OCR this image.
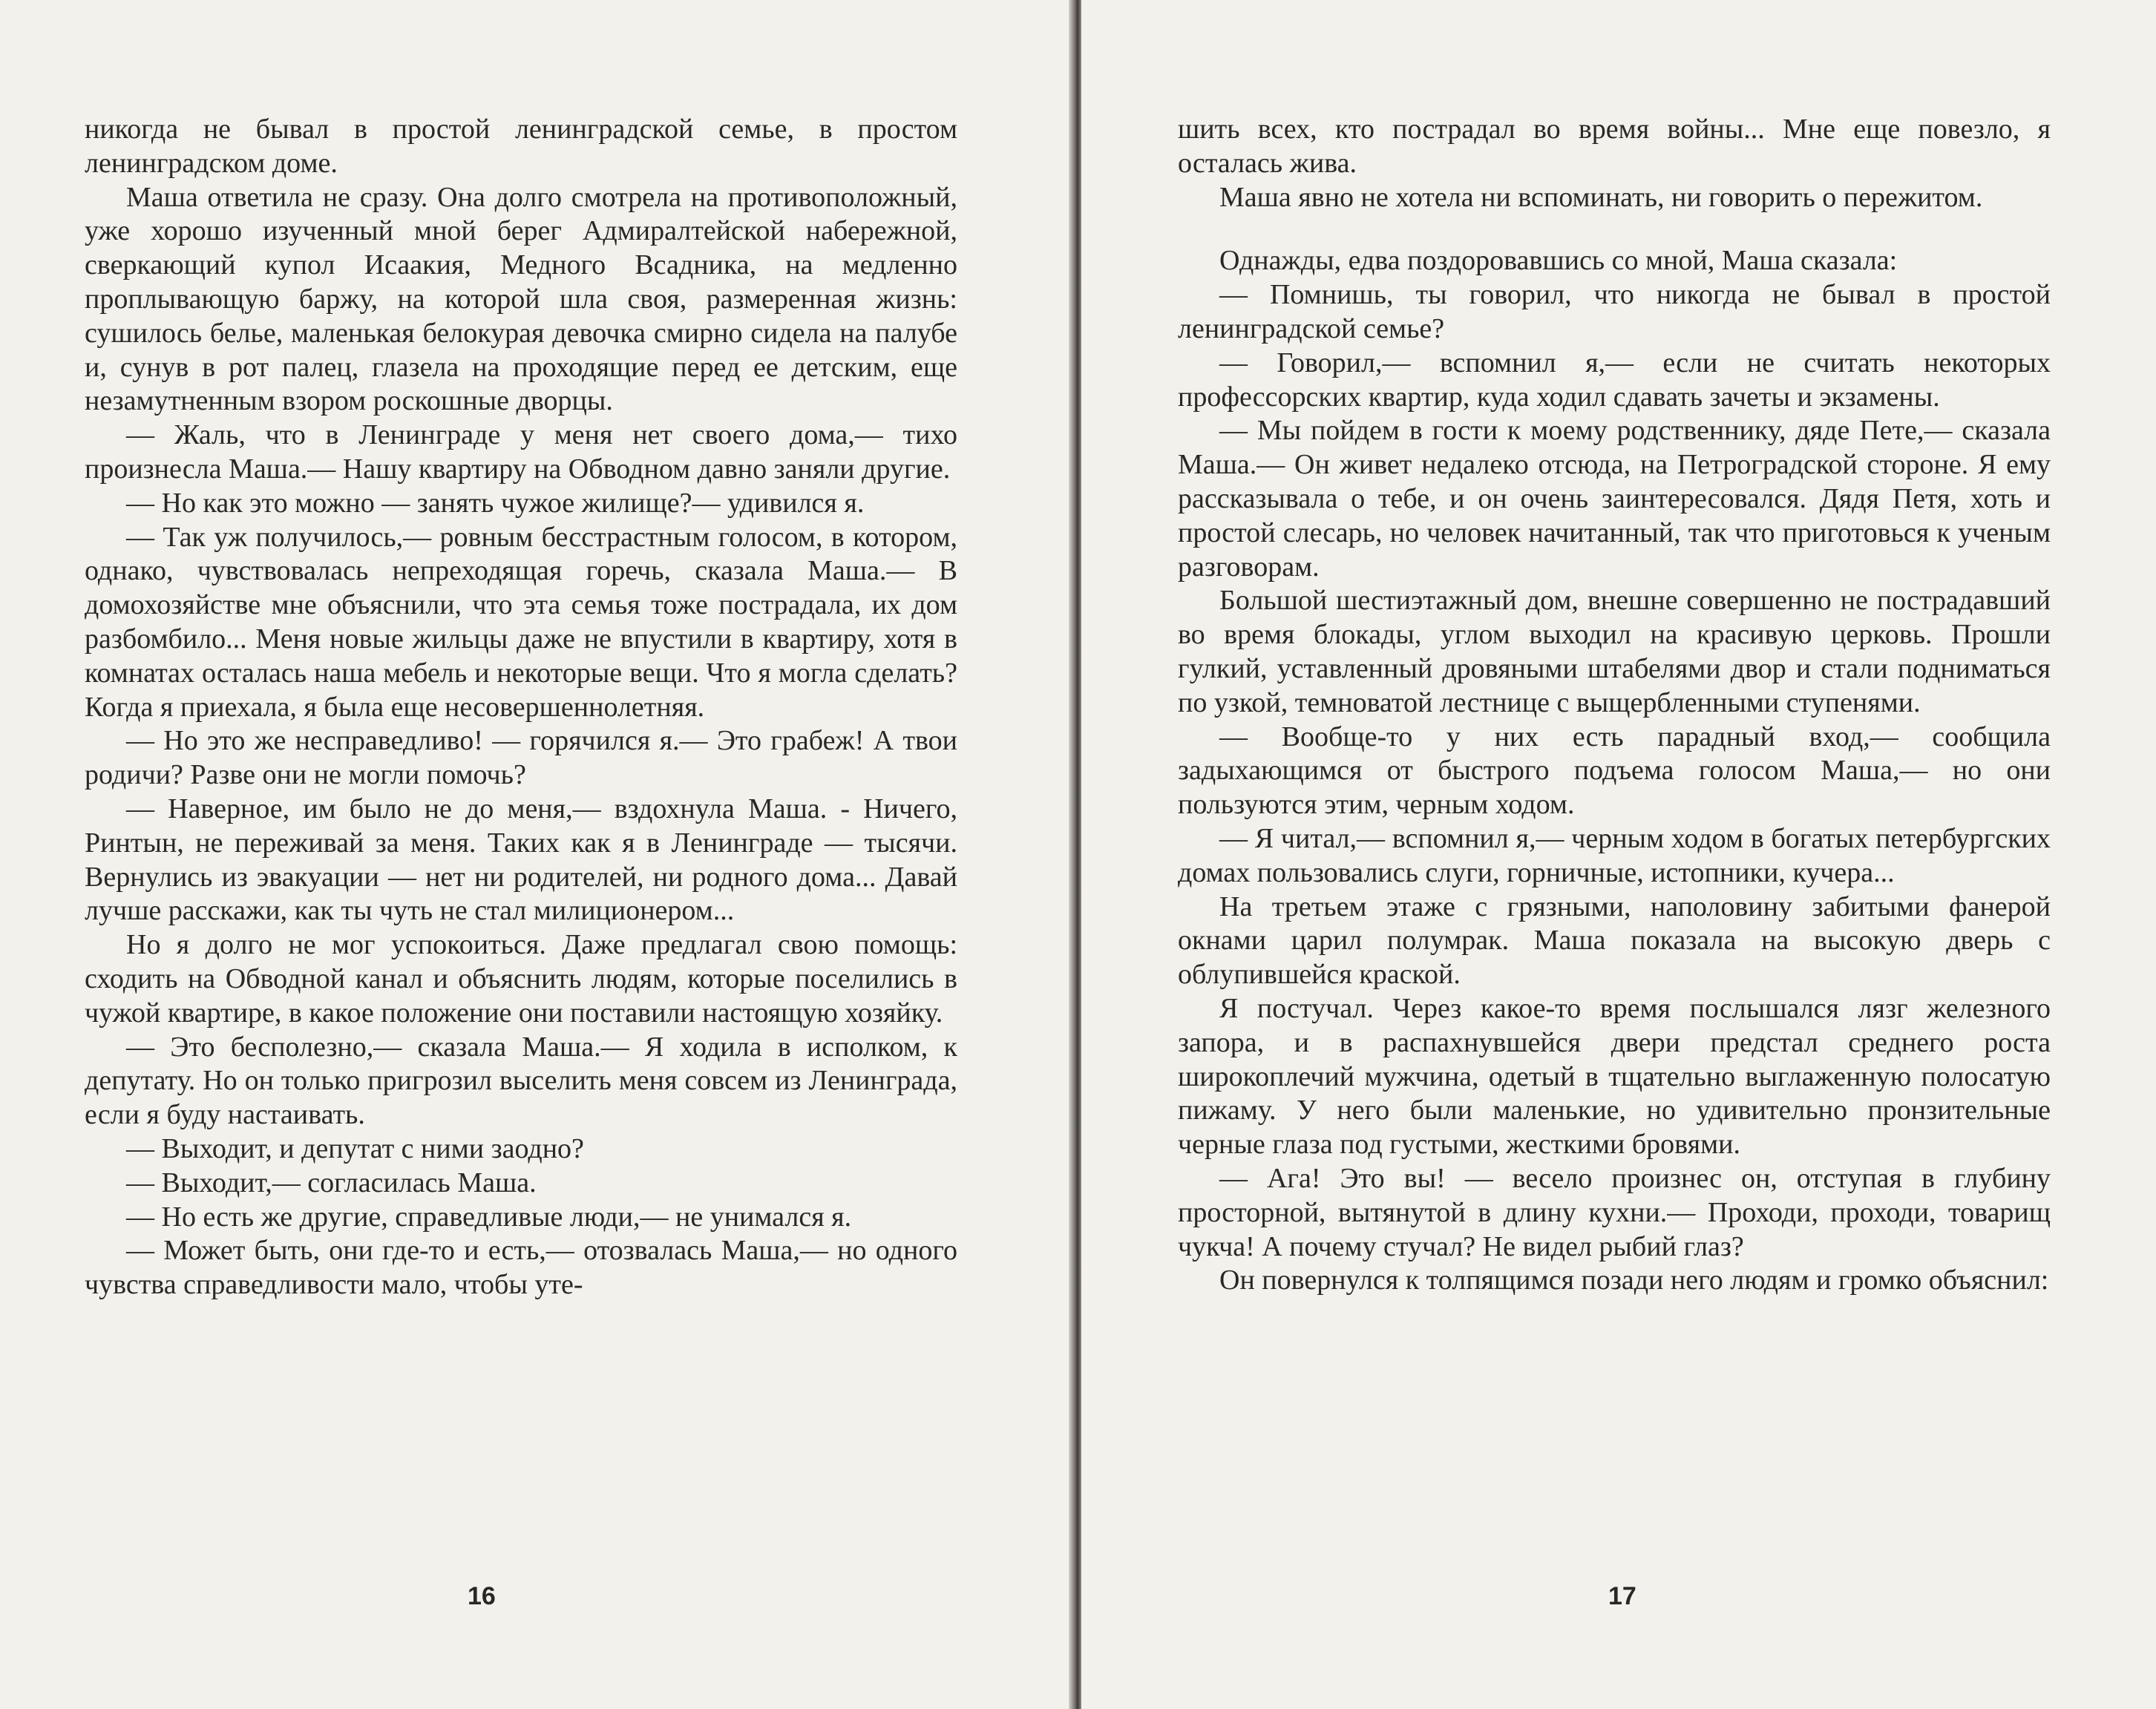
никогда не бывал в простой ленинградской семье, в простом ленинградском доме.

Маша ответила не сразу. Она долго смотрела на противоположный, уже хорошо изученный мной берег Адмиралтейской набережной, сверкающий купол Исаакия, Медного Всадника, на медленно проплывающую баржу, на которой шла своя, размеренная жизнь: сушилось белье, маленькая белокурая девочка смирно сидела на палубе и, сунув в рот палец, глазела на проходящие перед ее детским, еще незамутненным взором роскошные дворцы.

— Жаль, что в Ленинграде у меня нет своего дома,— тихо произнесла Маша.— Нашу квартиру на Обводном давно заняли другие.

— Но как это можно — занять чужое жилище?— удивился я.

— Так уж получилось,— ровным бесстрастным голосом, в котором, однако, чувствовалась непреходящая горечь, сказала Маша.— В домохозяйстве мне объяснили, что эта семья тоже пострадала, их дом разбомбило... Меня новые жильцы даже не впустили в квартиру, хотя в комнатах осталась наша мебель и некоторые вещи. Что я могла сделать? Когда я приехала, я была еще несовершеннолетняя.

— Но это же несправедливо! — горячился я.— Это грабеж! А твои родичи? Разве они не могли помочь?

— Наверное, им было не до меня,— вздохнула Маша. - Ничего, Ринтын, не переживай за меня. Таких как я в Ленинграде — тысячи. Вернулись из эвакуации — нет ни родителей, ни родного дома... Давай лучше расскажи, как ты чуть не стал милиционером...

Но я долго не мог успокоиться. Даже предлагал свою помощь: сходить на Обводной канал и объяснить людям, которые поселились в чужой квартире, в какое положение они поставили настоящую хозяйку.

— Это бесполезно,— сказала Маша.— Я ходила в исполком, к депутату. Но он только пригрозил выселить меня совсем из Ленинграда, если я буду настаивать.

— Выходит, и депутат с ними заодно?

— Выходит,— согласилась Маша.

— Но есть же другие, справедливые люди,— не унимался я.

— Может быть, они где-то и есть,— отозвалась Маша,— но одного чувства справедливости мало, чтобы уте-

16

шить всех, кто пострадал во время войны... Мне еще повезло, я осталась жива.

Маша явно не хотела ни вспоминать, ни говорить о пережитом.

Однажды, едва поздоровавшись со мной, Маша сказала:

— Помнишь, ты говорил, что никогда не бывал в простой ленинградской семье?

— Говорил,— вспомнил я,— если не считать некоторых профессорских квартир, куда ходил сдавать зачеты и экзамены.

— Мы пойдем в гости к моему родственнику, дяде Пете,— сказала Маша.— Он живет недалеко отсюда, на Петроградской стороне. Я ему рассказывала о тебе, и он очень заинтересовался. Дядя Петя, хоть и простой слесарь, но человек начитанный, так что приготовься к ученым разговорам.

Большой шестиэтажный дом, внешне совершенно не пострадавший во время блокады, углом выходил на красивую церковь. Прошли гулкий, уставленный дровяными штабелями двор и стали подниматься по узкой, темноватой лестнице с выщербленными ступенями.

— Вообще-то у них есть парадный вход,— сообщила задыхающимся от быстрого подъема голосом Маша,— но они пользуются этим, черным ходом.

— Я читал,— вспомнил я,— черным ходом в богатых петербургских домах пользовались слуги, горничные, истопники, кучера...

На третьем этаже с грязными, наполовину забитыми фанерой окнами царил полумрак. Маша показала на высокую дверь с облупившейся краской.

Я постучал. Через какое-то время послышался лязг железного запора, и в распахнувшейся двери предстал среднего роста широкоплечий мужчина, одетый в тщательно выглаженную полосатую пижаму. У него были маленькие, но удивительно пронзительные черные глаза под густыми, жесткими бровями.

— Ага! Это вы! — весело произнес он, отступая в глубину просторной, вытянутой в длину кухни.— Проходи, проходи, товарищ чукча! А почему стучал? Не видел рыбий глаз?

Он повернулся к толпящимся позади него людям и громко объяснил:

17
